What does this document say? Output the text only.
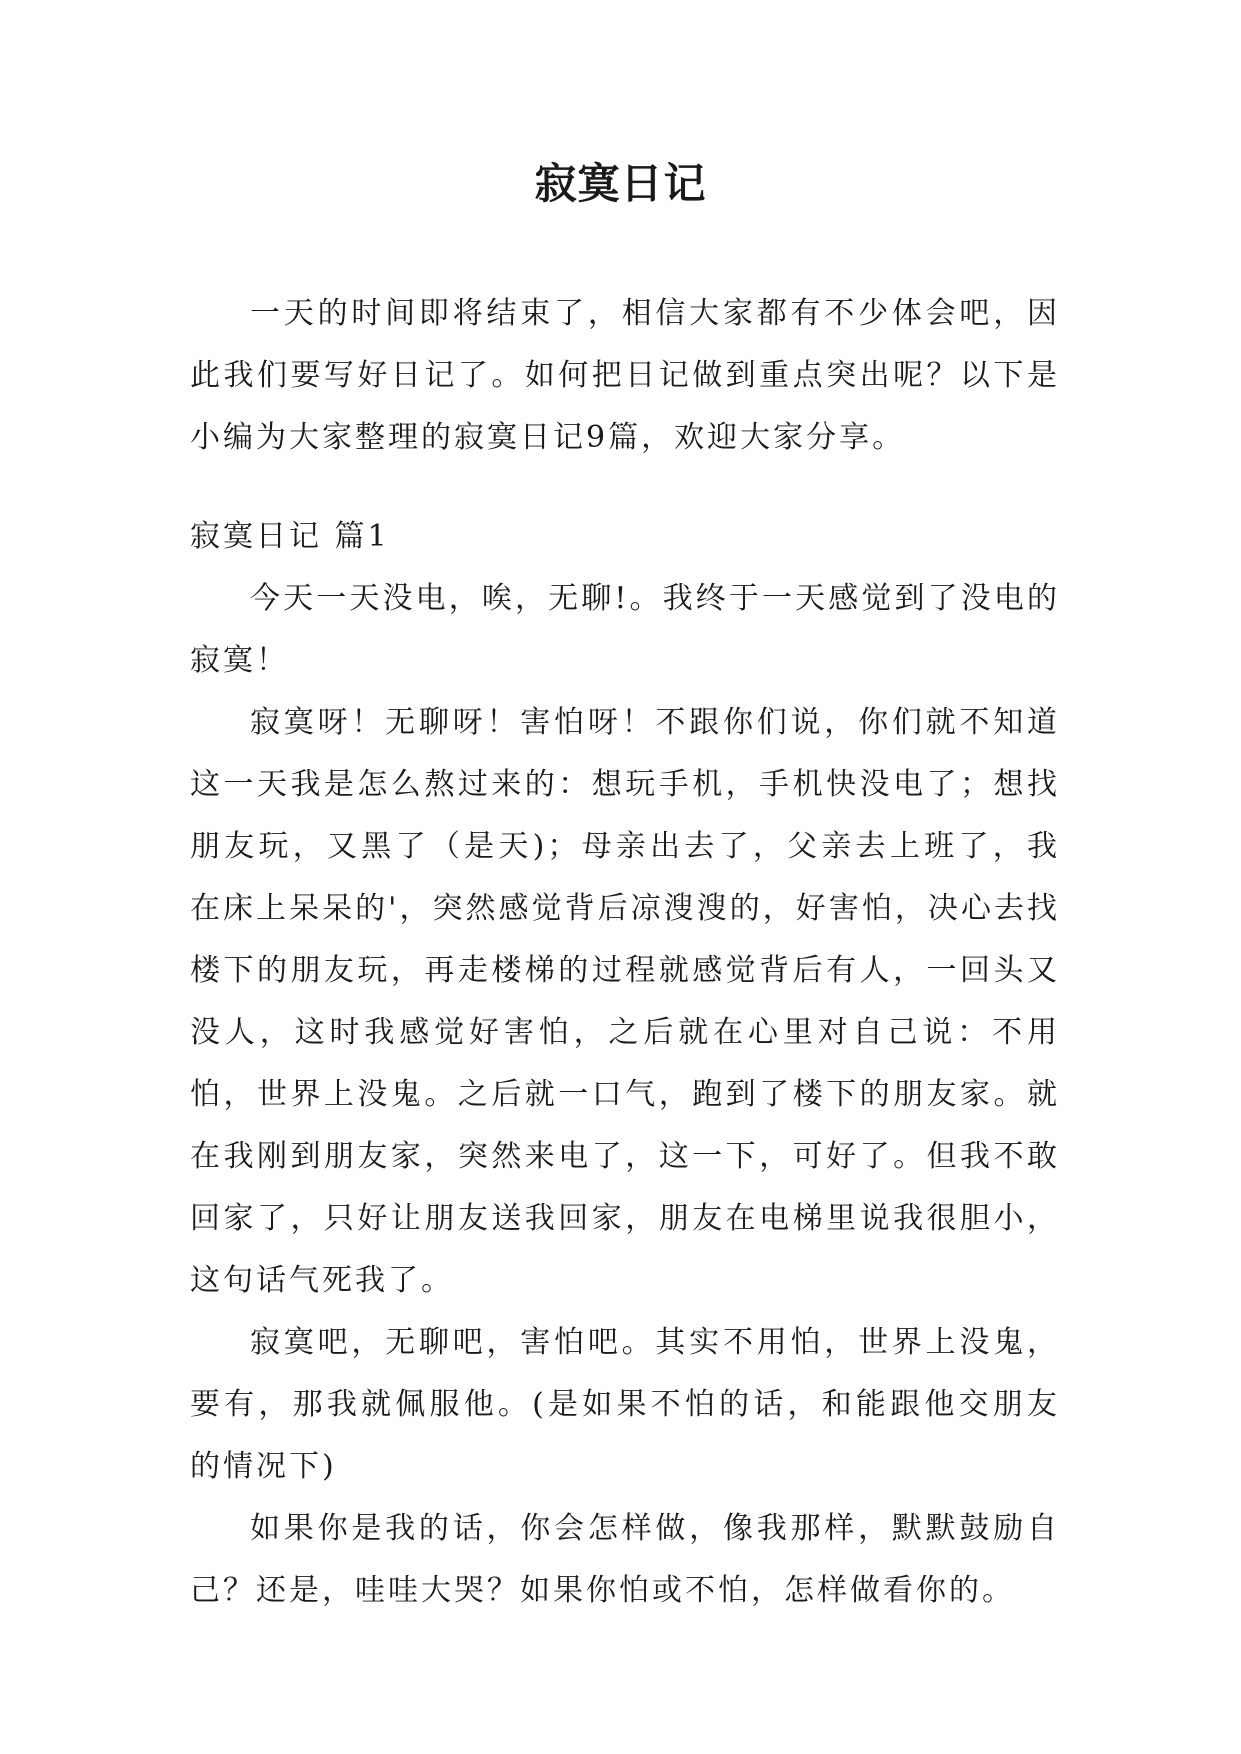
寂寞日记

一天的时间即将结束了，相信大家都有不少体会吧，因此我们要写好日记了。如何把日记做到重点突出呢？以下是小编为大家整理的寂寞日记9篇，欢迎大家分享。

寂寞日记 篇1

今天一天没电，唉，无聊!。我终于一天感觉到了没电的寂寞！

寂寞呀！无聊呀！害怕呀！不跟你们说，你们就不知道这一天我是怎么熬过来的：想玩手机，手机快没电了；想找朋友玩，又黑了（是天)；母亲出去了，父亲去上班了，我在床上呆呆的'，突然感觉背后凉溲溲的，好害怕，决心去找楼下的朋友玩，再走楼梯的过程就感觉背后有人，一回头又没人，这时我感觉好害怕，之后就在心里对自己说：不用怕，世界上没鬼。之后就一口气，跑到了楼下的朋友家。就在我刚到朋友家，突然来电了，这一下，可好了。但我不敢回家了，只好让朋友送我回家，朋友在电梯里说我很胆小，这句话气死我了。

寂寞吧，无聊吧，害怕吧。其实不用怕，世界上没鬼，要有，那我就佩服他。(是如果不怕的话，和能跟他交朋友的情况下)

如果你是我的话，你会怎样做，像我那样，默默鼓励自己？还是，哇哇大哭？如果你怕或不怕，怎样做看你的。
